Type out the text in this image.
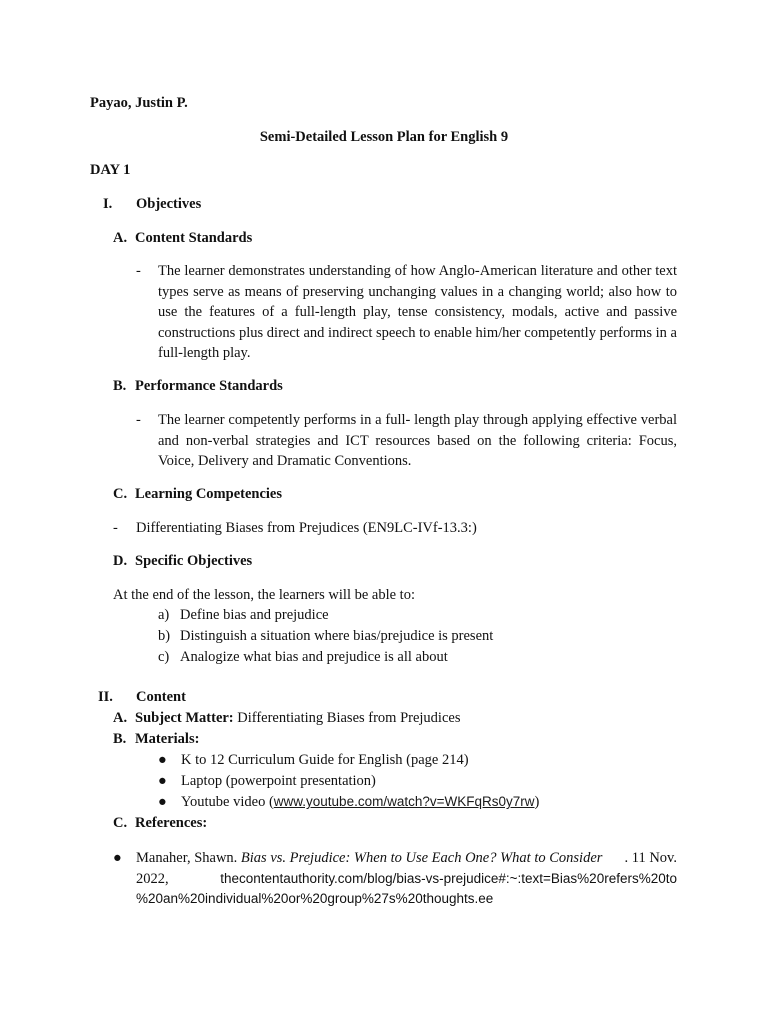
Payao, Justin P.
Semi-Detailed Lesson Plan for English 9
DAY 1
I. Objectives
A. Content Standards
- The learner demonstrates understanding of how Anglo-American literature and other text types serve as means of preserving unchanging values in a changing world; also how to use the features of a full-length play, tense consistency, modals, active and passive constructions plus direct and indirect speech to enable him/her competently performs in a full-length play.
B. Performance Standards
- The learner competently performs in a full- length play through applying effective verbal and non-verbal strategies and ICT resources based on the following criteria: Focus, Voice, Delivery and Dramatic Conventions.
C. Learning Competencies
- Differentiating Biases from Prejudices (EN9LC-IVf-13.3:)
D. Specific Objectives
At the end of the lesson, the learners will be able to:
a) Define bias and prejudice
b) Distinguish a situation where bias/prejudice is present
c) Analogize what bias and prejudice is all about
II. Content
A. Subject Matter: Differentiating Biases from Prejudices
B. Materials:
● K to 12 Curriculum Guide for English (page 214)
● Laptop (powerpoint presentation)
● Youtube video (www.youtube.com/watch?v=WKFqRs0y7rw)
C. References:
● Manaher, Shawn. Bias vs. Prejudice: When to Use Each One? What to Consider . 11 Nov.
2022,	thecontentauthority.com/blog/bias-vs-prejudice#:~:text=Bias%20refers%20to
%20an%20individual%20or%20group%27s%20thoughts.ee
